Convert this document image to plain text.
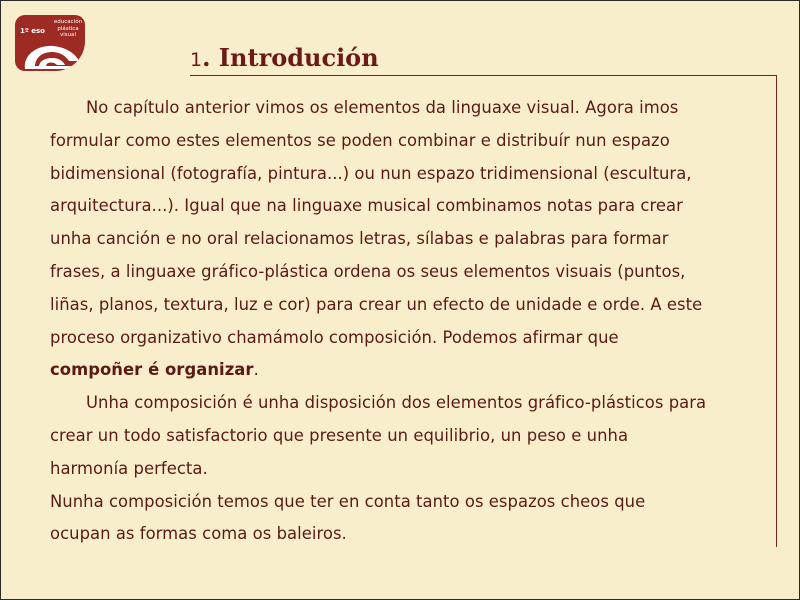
1º eso
educación
plástica
visual
1. Introdución
No capítulo anterior vimos os elementos da linguaxe visual. Agora imos
formular como estes elementos se poden combinar e distribuír nun espazo
bidimensional (fotografía, pintura...) ou nun espazo tridimensional (escultura,
arquitectura...). Igual que na linguaxe musical combinamos notas para crear
unha canción e no oral relacionamos letras, sílabas e palabras para formar
frases, a linguaxe gráfico-plástica ordena os seus elementos visuais (puntos,
liñas, planos, textura, luz e cor) para crear un efecto de unidade e orde. A este
proceso organizativo chamámolo composición. Podemos afirmar que
compoñer é organizar.
Unha composición é unha disposición dos elementos gráfico-plásticos para
crear un todo satisfactorio que presente un equilibrio, un peso e unha
harmonía perfecta.
Nunha composición temos que ter en conta tanto os espazos cheos que
ocupan as formas coma os baleiros.
